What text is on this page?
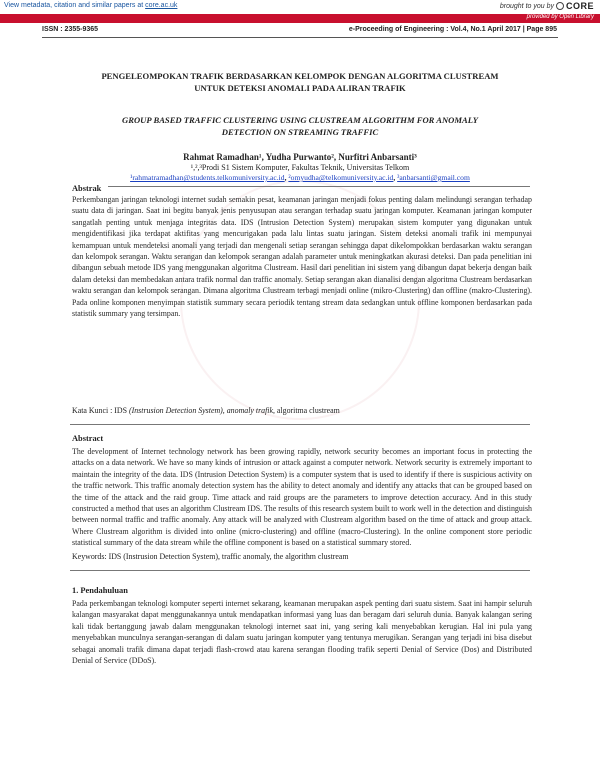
View metadata, citation and similar papers at core.ac.uk	brought to you by CORE
provided by Open Library
ISSN : 2355-9365	e-Proceeding of Engineering : Vol.4, No.1 April 2017 | Page 895
PENGELEOMPOKAN TRAFIK BERDASARKAN KELOMPOK DENGAN ALGORITMA CLUSTREAM
UNTUK DETEKSI ANOMALI PADA ALIRAN TRAFIK
GROUP BASED TRAFFIC CLUSTERING USING CLUSTREAM ALGORITHM FOR ANOMALY
DETECTION ON STREAMING TRAFFIC
Rahmat Ramadhan¹, Yudha Purwanto², Nurfitri Anbarsanti³
¹,²,³Prodi S1 Sistem Komputer, Fakultas Teknik, Universitas Telkom
¹rahmatramadhan@students.telkomuniversity.ac.id, ²omyudha@telkomuniversity.ac.id, ³anbarsanti@gmail.com
Abstrak
Perkembangan jaringan teknologi internet sudah semakin pesat, keamanan jaringan menjadi fokus penting dalam melindungi serangan terhadap suatu data di jaringan. Saat ini begitu banyak jenis penyusupan atau serangan terhadap suatu jaringan komputer. Keamanan jaringan komputer sangatlah penting untuk menjaga integritas data. IDS (Intrusion Detection System) merupakan sistem komputer yang digunakan untuk mengidentifikasi jika terdapat aktifitas yang mencurigakan pada lalu lintas suatu jaringan. Sistem deteksi anomali trafik ini mempunyai kemampuan untuk mendeteksi anomali yang terjadi dan mengenali setiap serangan sehingga dapat dikelompokkan berdasarkan waktu serangan dan kelompok serangan. Waktu serangan dan kelompok serangan adalah parameter untuk meningkatkan akurasi deteksi. Dan pada penelitian ini dibangun sebuah metode IDS yang menggunakan algoritma Clustream. Hasil dari penelitian ini sistem yang dibangun dapat bekerja dengan baik dalam deteksi dan membedakan antara trafik normal dan traffic anomaly. Setiap serangan akan dianalisi dengan algoritma Clustream berdasarkan waktu serangan dan kelompok serangan. Dimana algoritma Clustream terbagi menjadi online (mikro-Clustering) dan offline (makro-Clustering). Pada online komponen menyimpan statistik summary secara periodik tentang stream data sedangkan untuk offline komponen berdasarkan pada statistik summary yang tersimpan.
Kata Kunci : IDS (Instrusion Detection System), anomaly trafik, algoritma clustream
Abstract
The development of Internet technology network has been growing rapidly, network security becomes an important focus in protecting the attacks on a data network. We have so many kinds of intrusion or attack against a computer network. Network security is extremely important to maintain the integrity of the data. IDS (Intrusion Detection System) is a computer system that is used to identify if there is suspicious activity on the traffic network. This traffic anomaly detection system has the ability to detect anomaly and identify any attacks that can be grouped based on the time of the attack and the raid group. Time attack and raid groups are the parameters to improve detection accuracy. And in this study constructed a method that uses an algorithm Clustream IDS. The results of this research system built to work well in the detection and distinguish between normal traffic and traffic anomaly. Any attack will be analyzed with Clustream algorithm based on the time of attack and group attack. Where Clustream algorithm is divided into online (micro-clustering) and offline (macro-Clustering). In the online component store periodic statistical summary of the data stream while the offline component is based on a statistical summary stored.
Keywords: IDS (Instrusion Detection System), traffic anomaly, the algorithm clustream
1. Pendahuluan
Pada perkembangan teknologi komputer seperti internet sekarang, keamanan merupakan aspek penting dari suatu sistem. Saat ini hampir seluruh kalangan masyarakat dapat menggunakannya untuk mendapatkan informasi yang luas dan beragam dari seluruh dunia. Banyak kalangan sering kali tidak bertanggung jawab dalam menggunakan teknologi internet saat ini, yang sering kali menyebabkan kerugian. Hal ini pula yang menyebabkan munculnya serangan-serangan di dalam suatu jaringan komputer yang tentunya merugikan. Serangan yang terjadi ini bisa disebut sebagai anomali trafik dimana dapat terjadi flash-crowd atau karena serangan flooding trafik seperti Denial of Service (Dos) and Distributed Denial of Service (DDoS).
